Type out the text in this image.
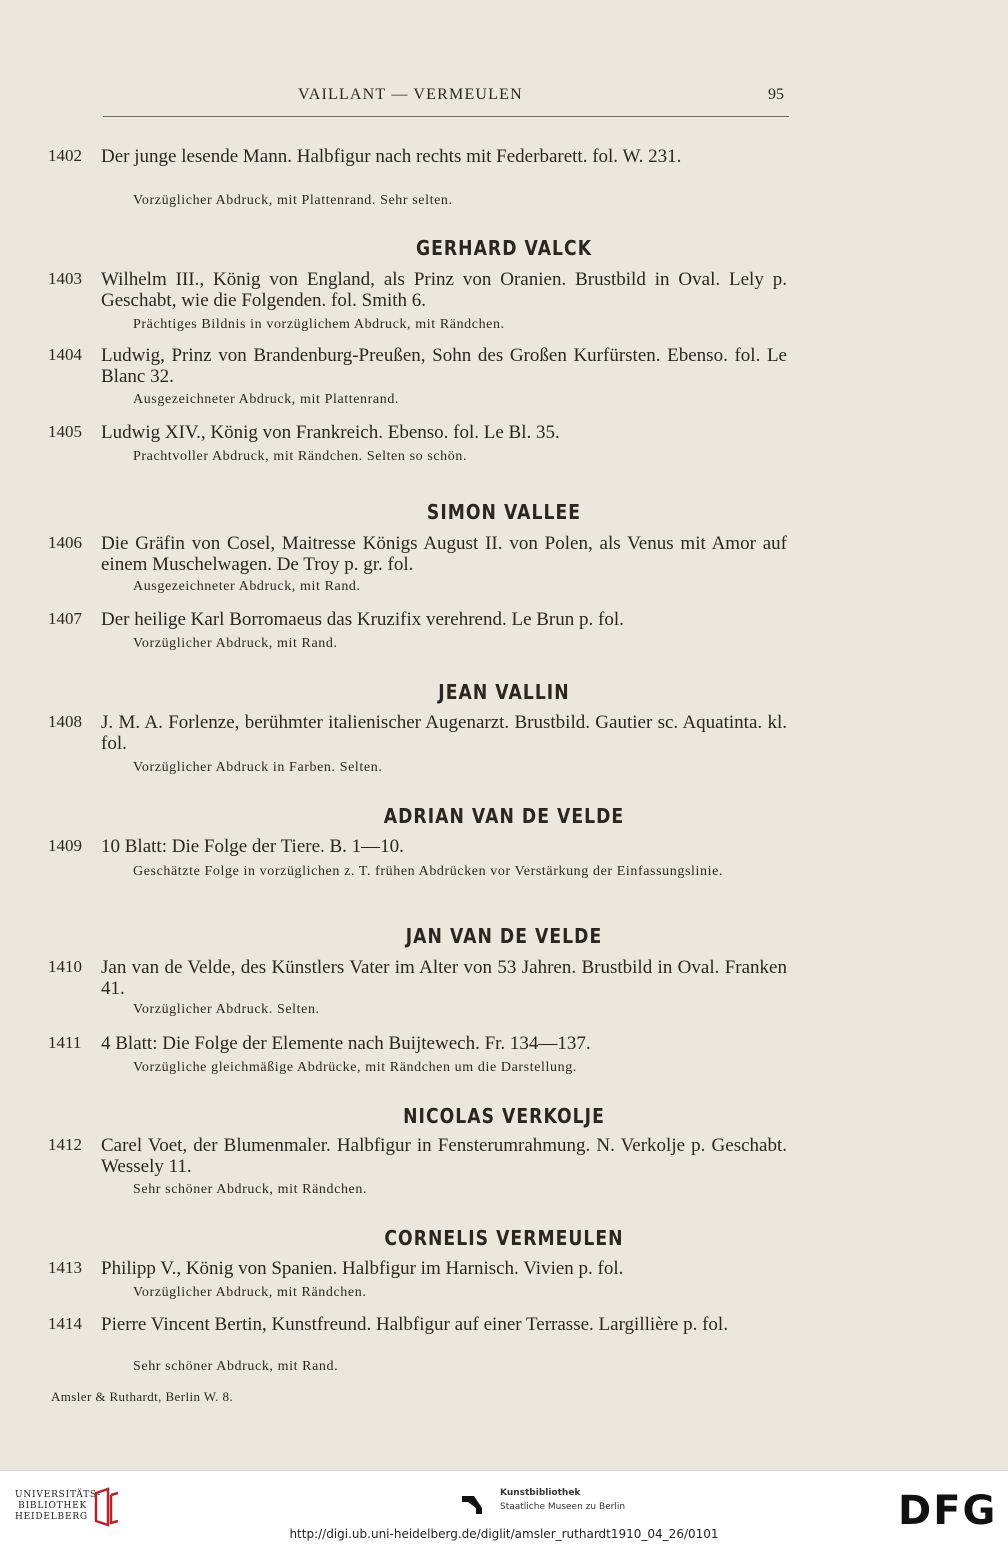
VAILLANT — VERMEULEN	95
1402 Der junge lesende Mann. Halbfigur nach rechts mit Federbarett. fol. W. 231.
Vorzüglicher Abdruck, mit Plattenrand. Sehr selten.
GERHARD VALCK
1403 Wilhelm III., König von England, als Prinz von Oranien. Brustbild in Oval. Lely p. Geschabt, wie die Folgenden. fol. Smith 6.
Prächtiges Bildnis in vorzüglichem Abdruck, mit Rändchen.
1404 Ludwig, Prinz von Brandenburg-Preußen, Sohn des Großen Kurfürsten. Ebenso. fol. Le Blanc 32.
Ausgezeichneter Abdruck, mit Plattenrand.
1405 Ludwig XIV., König von Frankreich. Ebenso. fol. Le Bl. 35.
Prachtvoller Abdruck, mit Rändchen. Selten so schön.
SIMON VALLEE
1406 Die Gräfin von Cosel, Maitresse Königs August II. von Polen, als Venus mit Amor auf einem Muschelwagen. De Troy p. gr. fol.
Ausgezeichneter Abdruck, mit Rand.
1407 Der heilige Karl Borromaeus das Kruzifix verehrend. Le Brun p. fol.
Vorzüglicher Abdruck, mit Rand.
JEAN VALLIN
1408 J. M. A. Forlenze, berühmter italienischer Augenarzt. Brustbild. Gautier sc. Aquatinta. kl. fol.
Vorzüglicher Abdruck in Farben. Selten.
ADRIAN VAN DE VELDE
1409 10 Blatt: Die Folge der Tiere. B. 1—10.
Geschätzte Folge in vorzüglichen z. T. frühen Abdrücken vor Verstärkung der Einfassungslinie.
JAN VAN DE VELDE
1410 Jan van de Velde, des Künstlers Vater im Alter von 53 Jahren. Brustbild in Oval. Franken 41.
Vorzüglicher Abdruck. Selten.
1411 4 Blatt: Die Folge der Elemente nach Buijtewech. Fr. 134—137.
Vorzügliche gleichmäßige Abdrücke, mit Rändchen um die Darstellung.
NICOLAS VERKOLJE
1412 Carel Voet, der Blumenmaler. Halbfigur in Fensterumrahmung. N. Verkolje p. Geschabt. Wessely 11.
Sehr schöner Abdruck, mit Rändchen.
CORNELIS VERMEULEN
1413 Philipp V., König von Spanien. Halbfigur im Harnisch. Vivien p. fol.
Vorzüglicher Abdruck, mit Rändchen.
1414 Pierre Vincent Bertin, Kunstfreund. Halbfigur auf einer Terrasse. Largillière p. fol.
Sehr schöner Abdruck, mit Rand.
Amsler & Ruthardt, Berlin W. 8.
UNIVERSITÄTS-
BIBLIOTHEK
HEIDELBERG
Kunstbibliothek
Staatliche Museen zu Berlin	DFG
http://digi.ub.uni-heidelberg.de/diglit/amsler_ruthardt1910_04_26/0101
